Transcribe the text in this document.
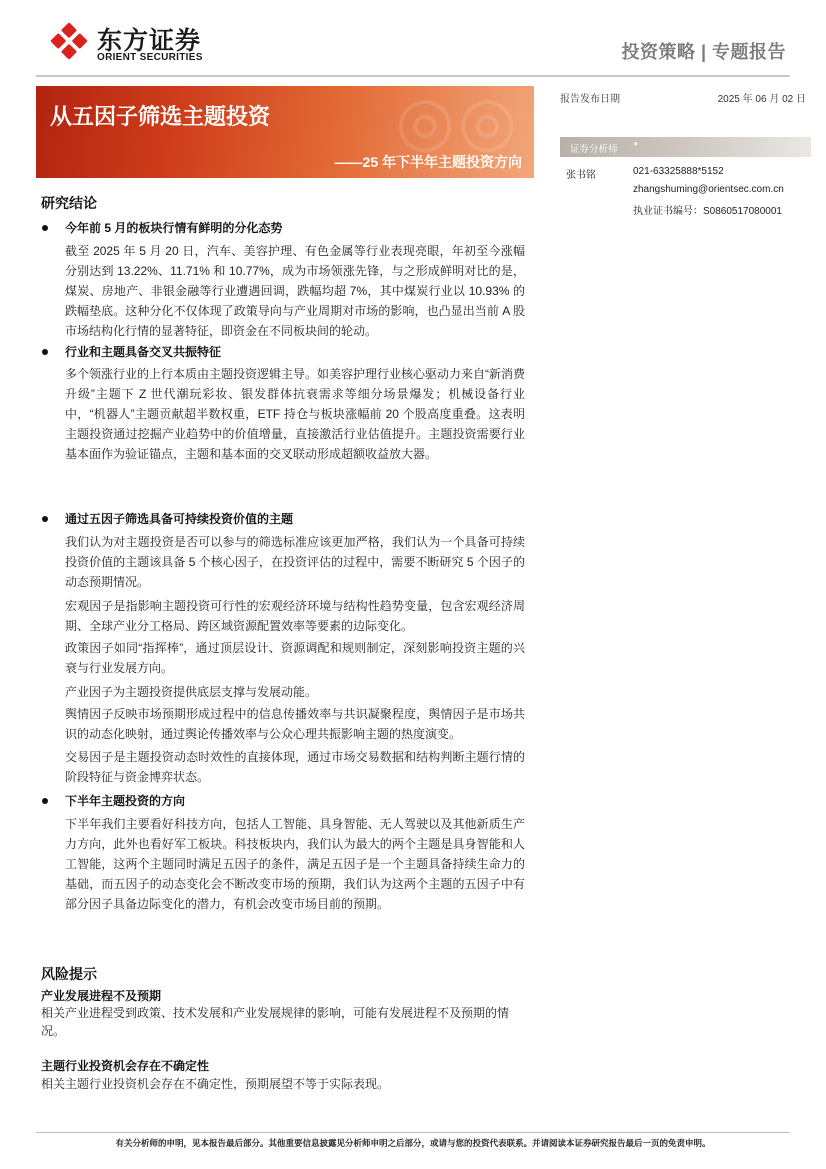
东方证券
ORIENT SECURITIES	投资策略 | 专题报告
◎◎
从五因子筛选主题投资
——25 年下半年主题投资方向
报告发布日期	2025 年 06 月 02 日
证券分析师 ▪
张书铭	021-63325888*5152
zhangshuming@orientsec.com.cn
执业证书编号：S0860517080001
研究结论
今年前 5 月的板块行情有鲜明的分化态势
截至 2025 年 5 月 20 日，汽车、美容护理、有色金属等行业表现亮眼，年初至今涨幅分别达到 13.22%、11.71% 和 10.77%，成为市场领涨先锋，与之形成鲜明对比的是，煤炭、房地产、非银金融等行业遭遇回调，跌幅均超 7%，其中煤炭行业以 10.93% 的跌幅垫底。这种分化不仅体现了政策导向与产业周期对市场的影响，也凸显出当前 A 股市场结构化行情的显著特征，即资金在不同板块间的轮动。
行业和主题具备交叉共振特征
多个领涨行业的上行本质由主题投资逻辑主导。如美容护理行业核心驱动力来自“新消费升级”主题下 Z 世代潮玩彩妆、银发群体抗衰需求等细分场景爆发；机械设备行业中，“机器人”主题贡献超半数权重，ETF 持仓与板块涨幅前 20 个股高度重叠。这表明主题投资通过挖掘产业趋势中的价值增量，直接激活行业估值提升。主题投资需要行业基本面作为验证锚点，主题和基本面的交叉联动形成超额收益放大器。
通过五因子筛选具备可持续投资价值的主题
我们认为对主题投资是否可以参与的筛选标准应该更加严格，我们认为一个具备可持续投资价值的主题该具备 5 个核心因子，在投资评估的过程中，需要不断研究 5 个因子的动态预期情况。
宏观因子是指影响主题投资可行性的宏观经济环境与结构性趋势变量，包含宏观经济周期、全球产业分工格局、跨区域资源配置效率等要素的边际变化。
政策因子如同“指挥棒”，通过顶层设计、资源调配和规则制定，深刻影响投资主题的兴衰与行业发展方向。
产业因子为主题投资提供底层支撑与发展动能。
舆情因子反映市场预期形成过程中的信息传播效率与共识凝聚程度，舆情因子是市场共识的动态化映射，通过舆论传播效率与公众心理共振影响主题的热度演变。
交易因子是主题投资动态时效性的直接体现，通过市场交易数据和结构判断主题行情的阶段特征与资金博弈状态。
下半年主题投资的方向
下半年我们主要看好科技方向，包括人工智能、具身智能、无人驾驶以及其他新质生产力方向，此外也看好军工板块。科技板块内，我们认为最大的两个主题是具身智能和人工智能，这两个主题同时满足五因子的条件，满足五因子是一个主题具备持续生命力的基础，而五因子的动态变化会不断改变市场的预期，我们认为这两个主题的五因子中有部分因子具备边际变化的潜力，有机会改变市场目前的预期。
风险提示
产业发展进程不及预期
相关产业进程受到政策、技术发展和产业发展规律的影响，可能有发展进程不及预期的情况。
主题行业投资机会存在不确定性
相关主题行业投资机会存在不确定性，预期展望不等于实际表现。
有关分析师的申明，见本报告最后部分。其他重要信息披露见分析师申明之后部分，或请与您的投资代表联系。并请阅读本证券研究报告最后一页的免责申明。
